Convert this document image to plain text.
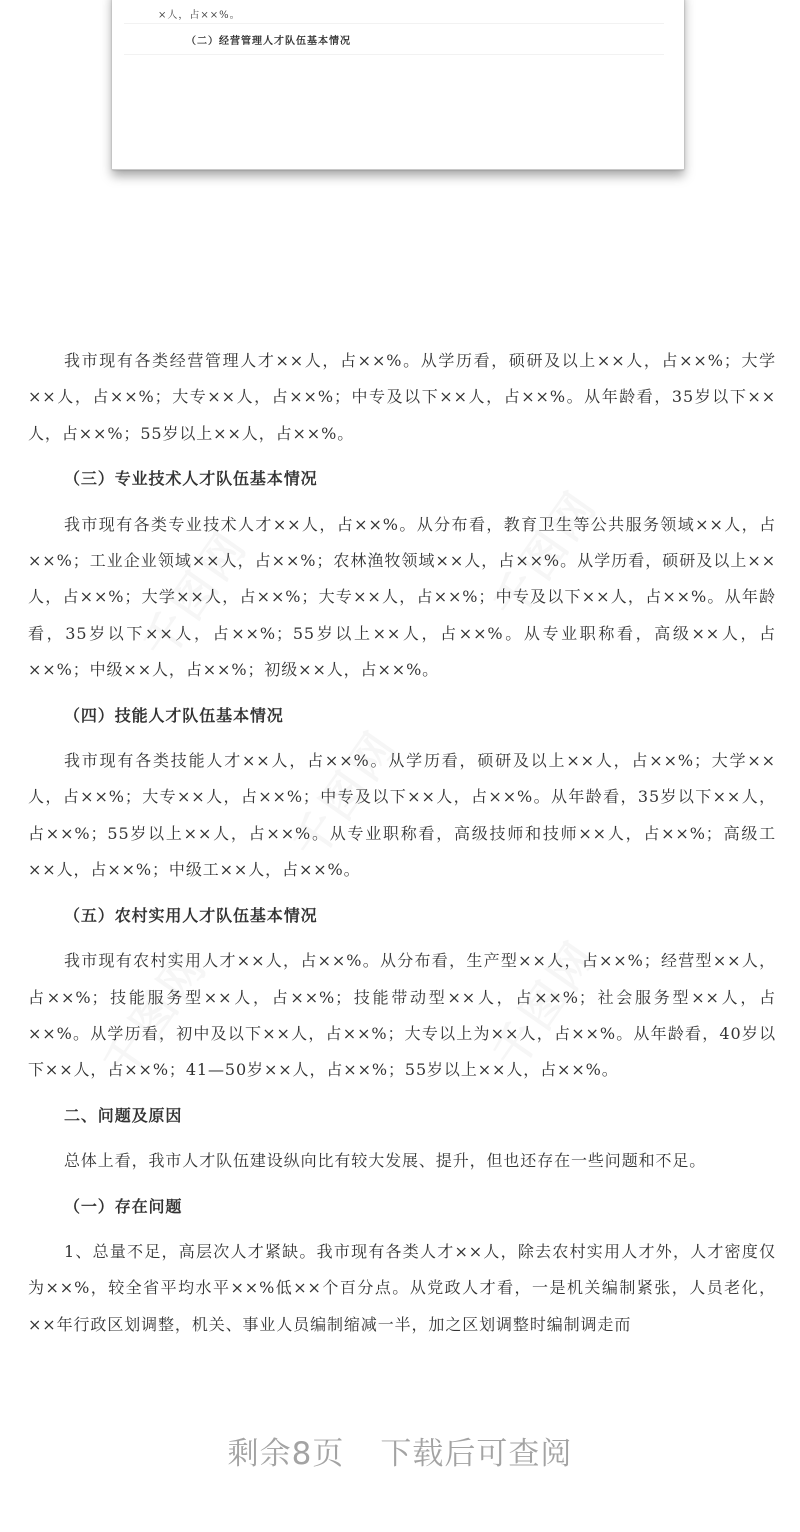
×人，占××%。
（二）经营管理人才队伍基本情况

我市现有各类经营管理人才××人，占××%。从学历看，硕研及以上××人，占××%；大学××人，占××%；大专××人，占××%；中专及以下××人，占××%。从年龄看，35岁以下××人，占××%；55岁以上××人，占××%。

（三）专业技术人才队伍基本情况

我市现有各类专业技术人才××人，占××%。从分布看，教育卫生等公共服务领域××人，占××%；工业企业领域××人，占××%；农林渔牧领域××人，占××%。从学历看，硕研及以上××人，占××%；大学××人，占××%；大专××人，占××%；中专及以下××人，占××%。从年龄看，35岁以下××人，占××%；55岁以上××人，占××%。从专业职称看，高级××人，占××%；中级××人，占××%；初级××人，占××%。

（四）技能人才队伍基本情况

我市现有各类技能人才××人，占××%。从学历看，硕研及以上××人，占××%；大学××人，占××%；大专××人，占××%；中专及以下××人，占××%。从年龄看，35岁以下××人，占××%；55岁以上××人，占××%。从专业职称看，高级技师和技师××人，占××%；高级工××人，占××%；中级工××人，占××%。

（五）农村实用人才队伍基本情况

我市现有农村实用人才××人，占××%。从分布看，生产型××人，占××%；经营型××人，占××%；技能服务型××人，占××%；技能带动型××人，占××%；社会服务型××人，占××%。从学历看，初中及以下××人，占××%；大专以上为××人，占××%。从年龄看，40岁以下××人，占××%；41—50岁××人，占××%；55岁以上××人，占××%。

二、问题及原因

总体上看，我市人才队伍建设纵向比有较大发展、提升，但也还存在一些问题和不足。

（一）存在问题

1、总量不足，高层次人才紧缺。我市现有各类人才××人，除去农村实用人才外，人才密度仅为××%，较全省平均水平××%低××个百分点。从党政人才看，一是机关编制紧张，人员老化，××年行政区划调整，机关、事业人员编制缩减一半，加之区划调整时编制调走而

剩余8页 下载后可查阅
